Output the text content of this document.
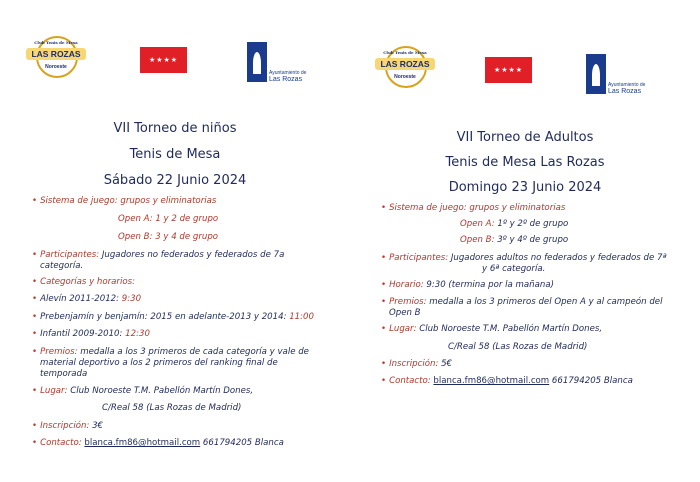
Club Tenis de Mesa
LAS ROZAS
Noroeste
★★★★
Ayuntamiento de
Las Rozas
VII Torneo de niños
Tenis de Mesa
Sábado 22 Junio 2024
• Sistema de juego: grupos y eliminatorias
Open A: 1 y 2 de grupo
Open B: 3 y 4 de grupo
• Participantes: Jugadores no federados y federados de 7a
categoría.
• Categorías y horarios:
• Alevín 2011-2012: 9:30
• Prebenjamín y benjamín: 2015 en adelante-2013 y 2014: 11:00
• Infantil 2009-2010: 12:30
• Premios: medalla a los 3 primeros de cada categoría y vale de
material deportivo a los 2 primeros del ranking final de
temporada
• Lugar: Club Noroeste T.M. Pabellón Martín Dones,
C/Real 58 (Las Rozas de Madrid)
• Inscripción: 3€
• Contacto: blanca.fm86@hotmail.com 661794205 Blanca
Club Tenis de Mesa
LAS ROZAS
Noroeste
★★★★
Ayuntamiento de
Las Rozas
VII Torneo de Adultos
Tenis de Mesa Las Rozas
Domingo 23 Junio 2024
• Sistema de juego: grupos y eliminatorias
Open A: 1º y 2º de grupo
Open B: 3º y 4º de grupo
• Participantes: Jugadores adultos no federados y federados de 7ª
y 6ª categoría.
• Horario: 9:30 (termina por la mañana)
• Premios: medalla a los 3 primeros del Open A y al campeón del
Open B
• Lugar: Club Noroeste T.M. Pabellón Martín Dones,
C/Real 58 (Las Rozas de Madrid)
• Inscripción: 5€
• Contacto: blanca.fm86@hotmail.com 661794205 Blanca
